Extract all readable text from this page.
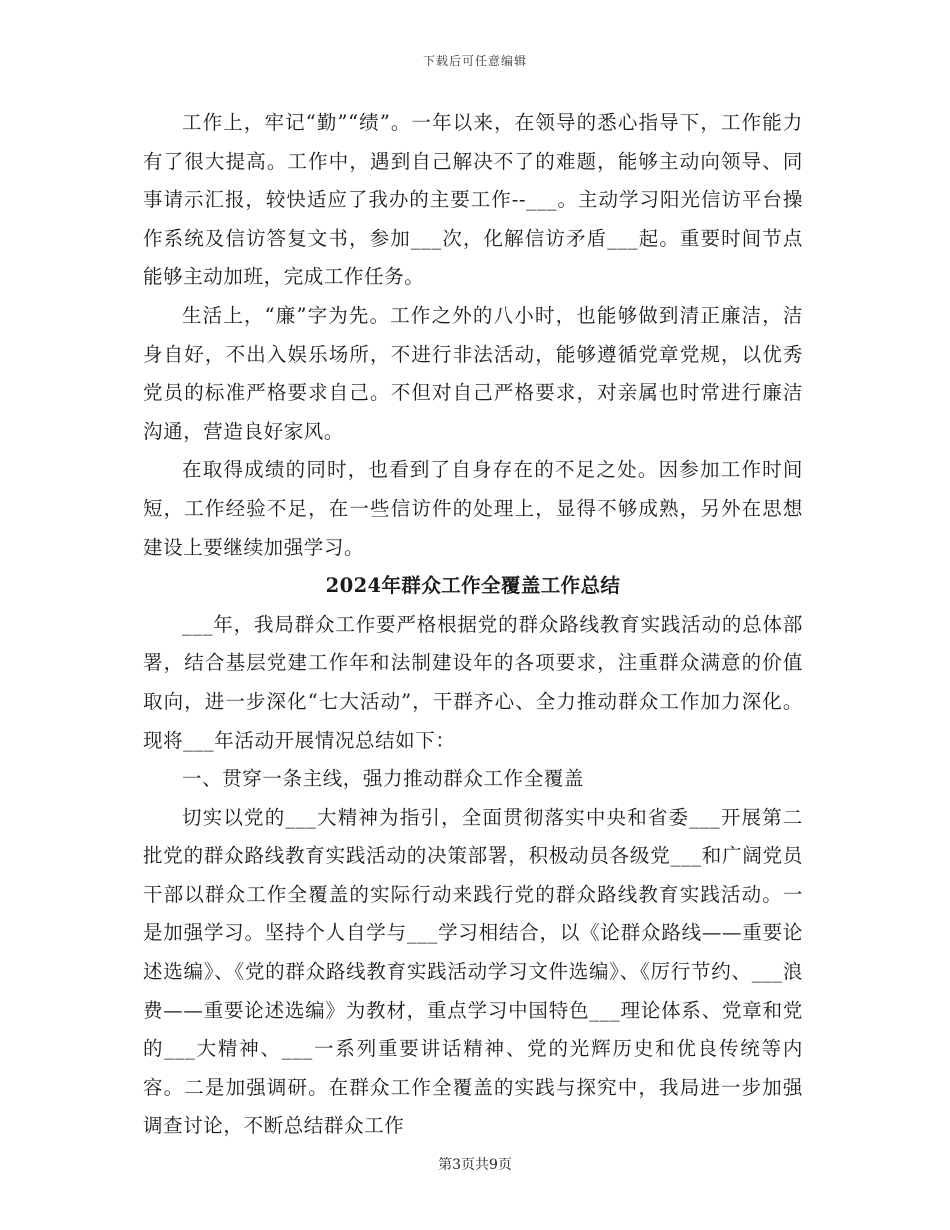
下载后可任意编辑

工作上，牢记“勤”“绩”。一年以来，在领导的悉心指导下，工作能力有了很大提高。工作中，遇到自己解决不了的难题，能够主动向领导、同事请示汇报，较快适应了我办的主要工作--___。主动学习阳光信访平台操作系统及信访答复文书，参加___次，化解信访矛盾___起。重要时间节点能够主动加班，完成工作任务。

生活上，“廉”字为先。工作之外的八小时，也能够做到清正廉洁，洁身自好，不出入娱乐场所，不进行非法活动，能够遵循党章党规，以优秀党员的标准严格要求自己。不但对自己严格要求，对亲属也时常进行廉洁沟通，营造良好家风。

在取得成绩的同时，也看到了自身存在的不足之处。因参加工作时间短，工作经验不足，在一些信访件的处理上，显得不够成熟，另外在思想建设上要继续加强学习。

2024年群众工作全覆盖工作总结

___年，我局群众工作要严格根据党的群众路线教育实践活动的总体部署，结合基层党建工作年和法制建设年的各项要求，注重群众满意的价值取向，进一步深化“七大活动”，干群齐心、全力推动群众工作加力深化。现将___年活动开展情况总结如下：

一、贯穿一条主线，强力推动群众工作全覆盖

切实以党的___大精神为指引，全面贯彻落实中央和省委___开展第二批党的群众路线教育实践活动的决策部署，积极动员各级党___和广阔党员干部以群众工作全覆盖的实际行动来践行党的群众路线教育实践活动。一是加强学习。坚持个人自学与___学习相结合，以《论群众路线——重要论述选编》、《党的群众路线教育实践活动学习文件选编》、《厉行节约、___浪费——重要论述选编》为教材，重点学习中国特色___理论体系、党章和党的___大精神、___一系列重要讲话精神、党的光辉历史和优良传统等内容。二是加强调研。在群众工作全覆盖的实践与探究中，我局进一步加强调查讨论，不断总结群众工作

第3页共9页
